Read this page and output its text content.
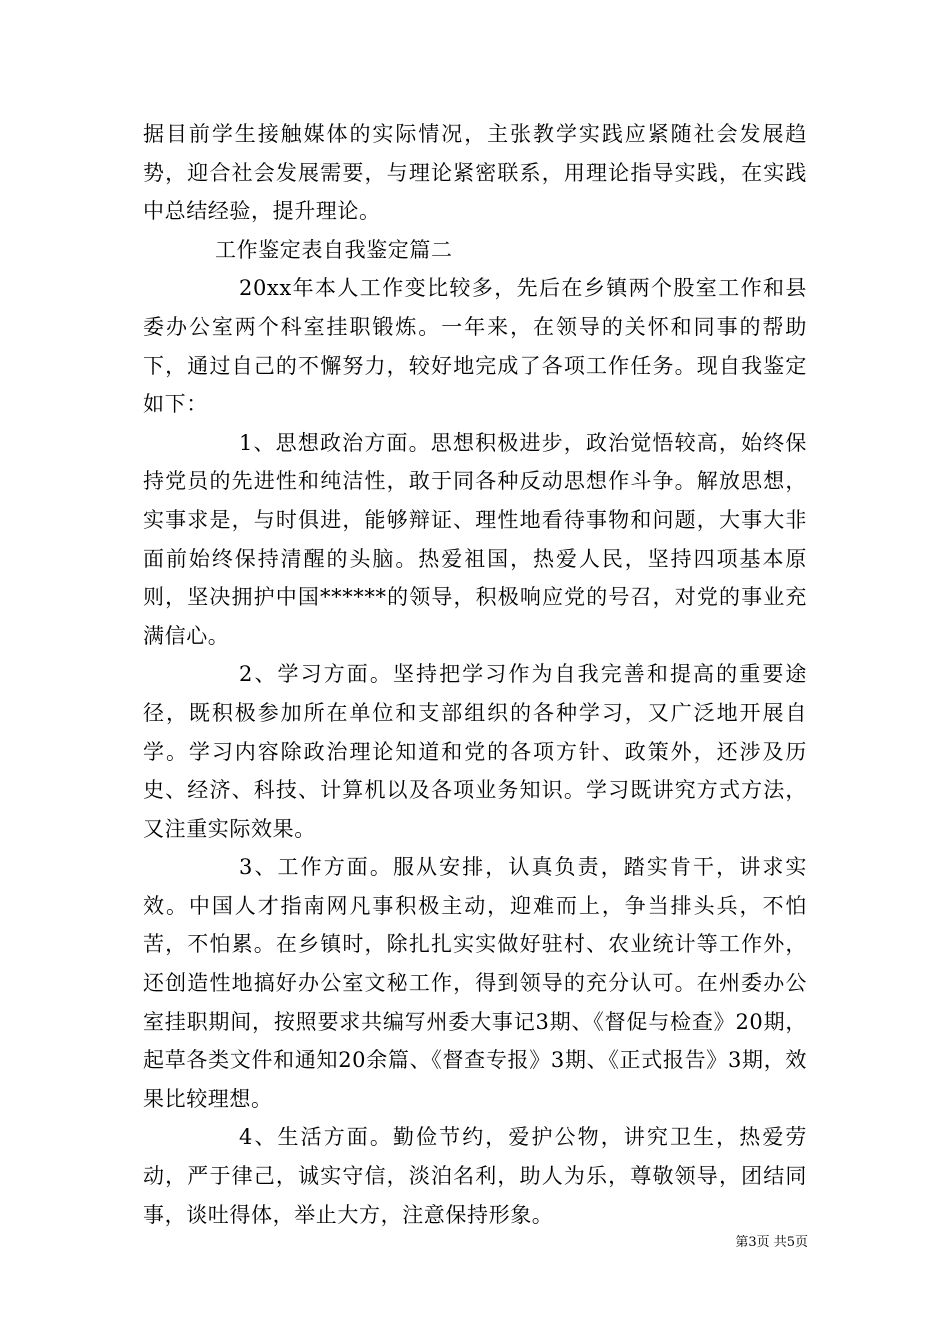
据目前学生接触媒体的实际情况，主张教学实践应紧随社会发展趋势，迎合社会发展需要，与理论紧密联系，用理论指导实践，在实践中总结经验，提升理论。

工作鉴定表自我鉴定篇二

20xx年本人工作变比较多，先后在乡镇两个股室工作和县委办公室两个科室挂职锻炼。一年来，在领导的关怀和同事的帮助下，通过自己的不懈努力，较好地完成了各项工作任务。现自我鉴定如下：

1、思想政治方面。思想积极进步，政治觉悟较高，始终保持党员的先进性和纯洁性，敢于同各种反动思想作斗争。解放思想，实事求是，与时俱进，能够辩证、理性地看待事物和问题，大事大非面前始终保持清醒的头脑。热爱祖国，热爱人民，坚持四项基本原则，坚决拥护中国******的领导，积极响应党的号召，对党的事业充满信心。

2、学习方面。坚持把学习作为自我完善和提高的重要途径，既积极参加所在单位和支部组织的各种学习，又广泛地开展自学。学习内容除政治理论知道和党的各项方针、政策外，还涉及历史、经济、科技、计算机以及各项业务知识。学习既讲究方式方法，又注重实际效果。

3、工作方面。服从安排，认真负责，踏实肯干，讲求实效。中国人才指南网凡事积极主动，迎难而上，争当排头兵，不怕苦，不怕累。在乡镇时，除扎扎实实做好驻村、农业统计等工作外，还创造性地搞好办公室文秘工作，得到领导的充分认可。在州委办公室挂职期间，按照要求共编写州委大事记3期、《督促与检查》20期，起草各类文件和通知20余篇、《督查专报》3期、《正式报告》3期，效果比较理想。

4、生活方面。勤俭节约，爱护公物，讲究卫生，热爱劳动，严于律己，诚实守信，淡泊名利，助人为乐，尊敬领导，团结同事，谈吐得体，举止大方，注意保持形象。

第3页 共5页
